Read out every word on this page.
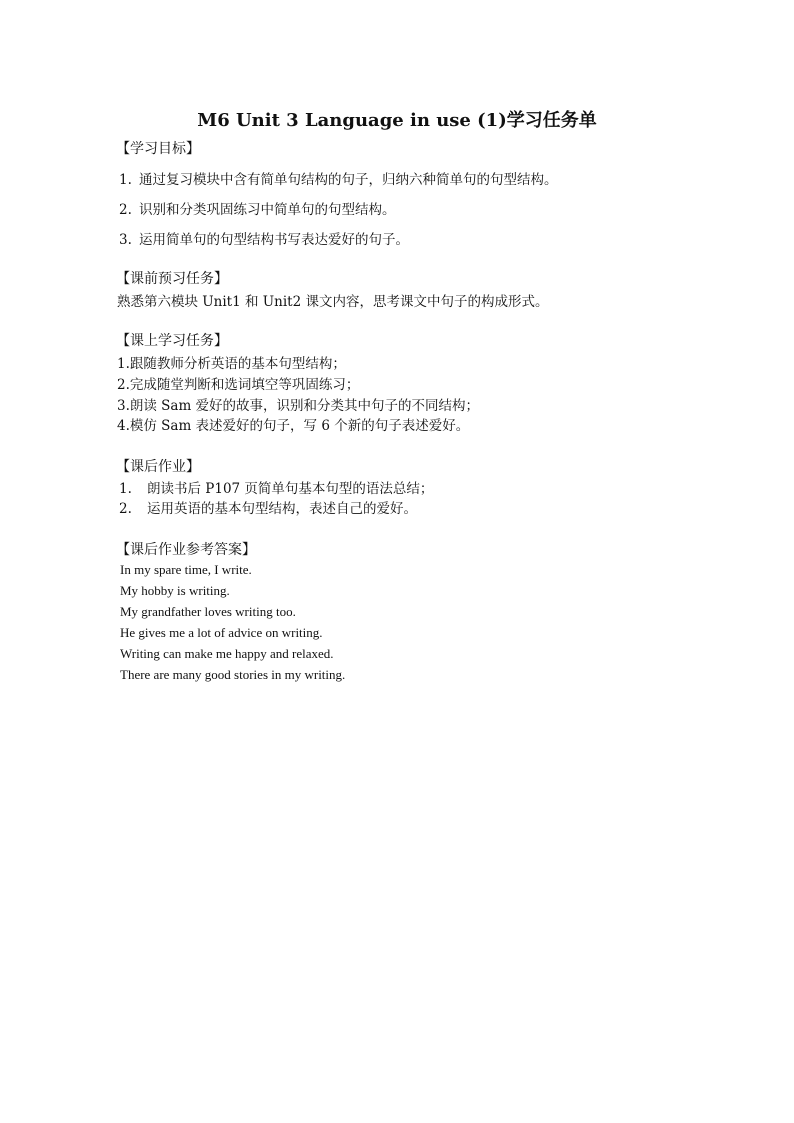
M6 Unit 3 Language in use (1)学习任务单
【学习目标】
1. 通过复习模块中含有简单句结构的句子，归纳六种简单句的句型结构。
2. 识别和分类巩固练习中简单句的句型结构。
3. 运用简单句的句型结构书写表达爱好的句子。
【课前预习任务】
熟悉第六模块 Unit1 和 Unit2 课文内容，思考课文中句子的构成形式。
【课上学习任务】
1.跟随教师分析英语的基本句型结构；
2.完成随堂判断和选词填空等巩固练习；
3.朗读 Sam 爱好的故事，识别和分类其中句子的不同结构；
4.模仿 Sam 表述爱好的句子，写 6 个新的句子表述爱好。
【课后作业】
1. 朗读书后 P107 页简单句基本句型的语法总结；
2. 运用英语的基本句型结构，表述自己的爱好。
【课后作业参考答案】
In my spare time, I write.
My hobby is writing.
My grandfather loves writing too.
He gives me a lot of advice on writing.
Writing can make me happy and relaxed.
There are many good stories in my writing.
